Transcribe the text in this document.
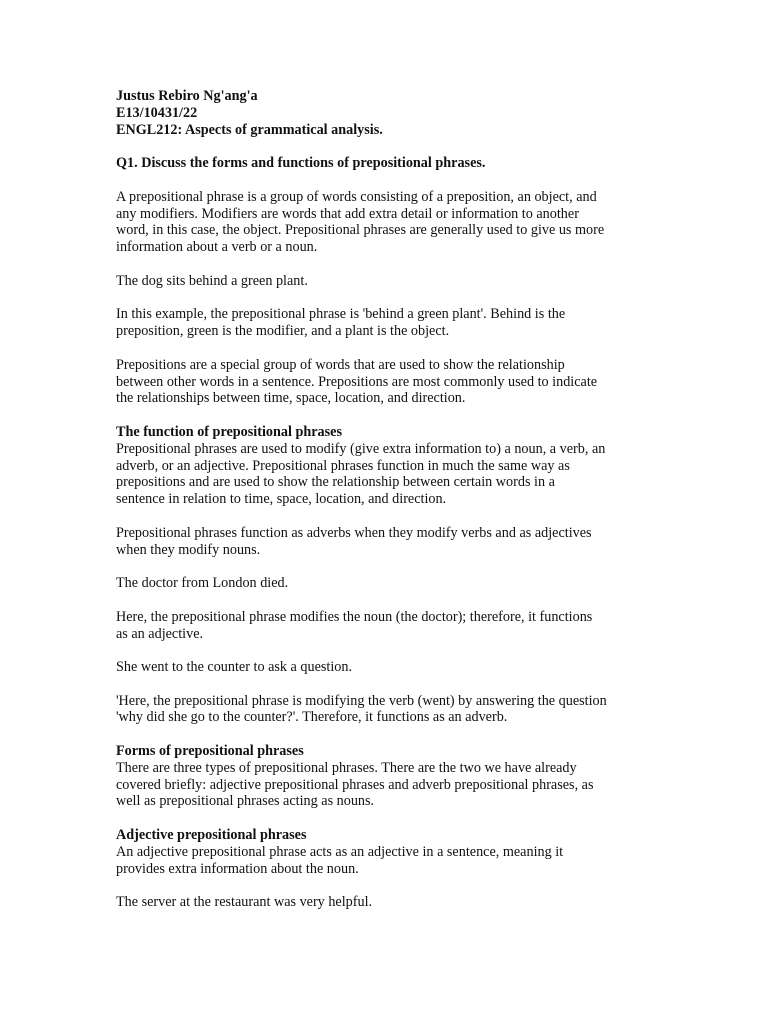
Justus Rebiro Ng'ang'a
E13/10431/22
ENGL212: Aspects of grammatical analysis.
Q1. Discuss the forms and functions of prepositional phrases.
A prepositional phrase is a group of words consisting of a preposition, an object, and
any modifiers. Modifiers are words that add extra detail or information to another
word, in this case, the object. Prepositional phrases are generally used to give us more
information about a verb or a noun.
The dog sits behind a green plant.
In this example, the prepositional phrase is 'behind a green plant'. Behind is the
preposition, green is the modifier, and a plant is the object.
Prepositions are a special group of words that are used to show the relationship
between other words in a sentence. Prepositions are most commonly used to indicate
the relationships between time, space, location, and direction.
The function of prepositional phrases
Prepositional phrases are used to modify (give extra information to) a noun, a verb, an
adverb, or an adjective. Prepositional phrases function in much the same way as
prepositions and are used to show the relationship between certain words in a
sentence in relation to time, space, location, and direction.
Prepositional phrases function as adverbs when they modify verbs and as adjectives
when they modify nouns.
The doctor from London died.
Here, the prepositional phrase modifies the noun (the doctor); therefore, it functions
as an adjective.
She went to the counter to ask a question.
'Here, the prepositional phrase is modifying the verb (went) by answering the question
'why did she go to the counter?'. Therefore, it functions as an adverb.
Forms of prepositional phrases
There are three types of prepositional phrases. There are the two we have already
covered briefly: adjective prepositional phrases and adverb prepositional phrases, as
well as prepositional phrases acting as nouns.
Adjective prepositional phrases
An adjective prepositional phrase acts as an adjective in a sentence, meaning it
provides extra information about the noun.
The server at the restaurant was very helpful.
